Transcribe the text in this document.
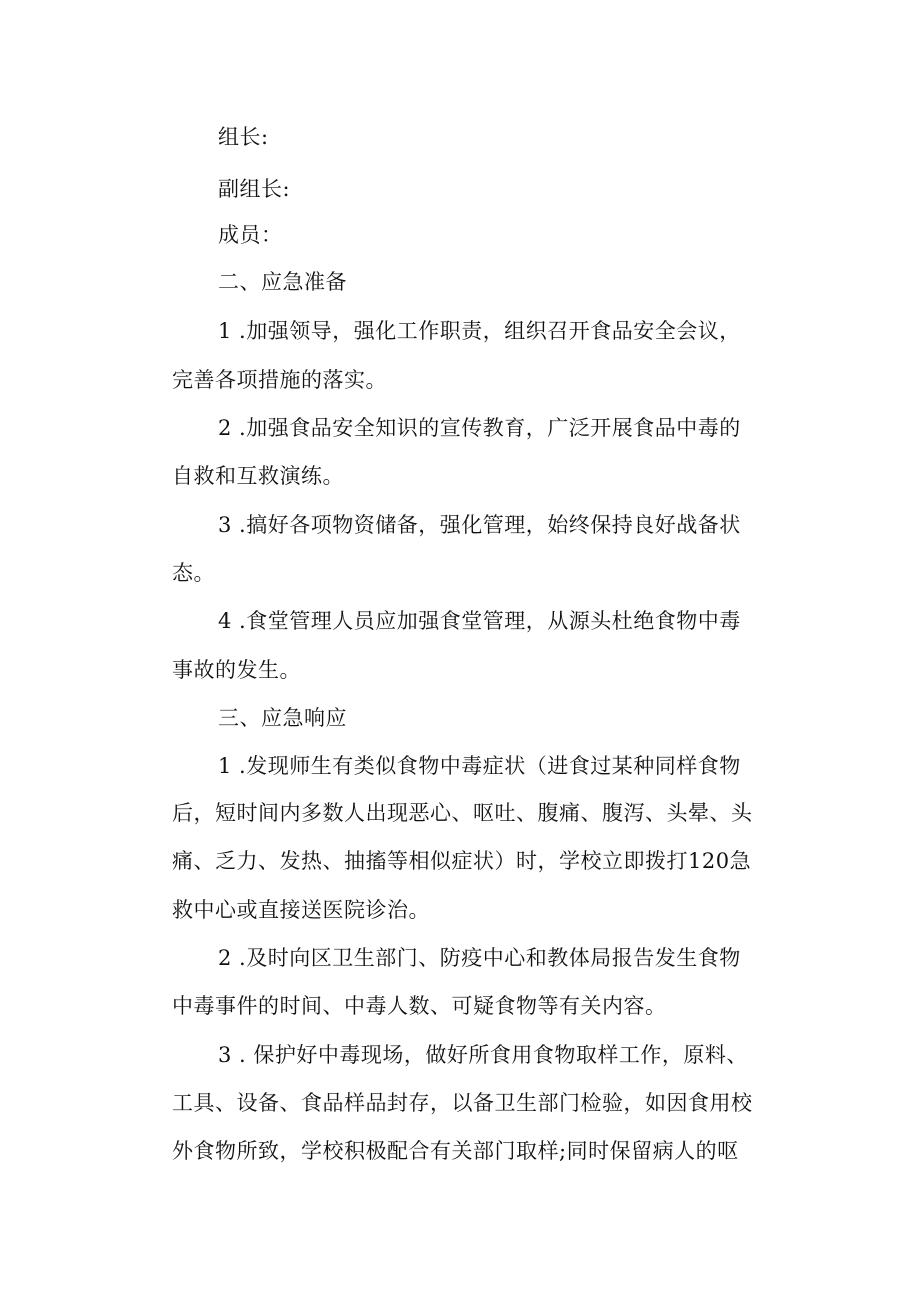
组长:
副组长:
成员：
二、应急准备
1 .加强领导，强化工作职责，组织召开食品安全会议，
完善各项措施的落实。
2 .加强食品安全知识的宣传教育，广泛开展食品中毒的
自救和互救演练。
3 .搞好各项物资储备，强化管理，始终保持良好战备状
态。
4 .食堂管理人员应加强食堂管理，从源头杜绝食物中毒
事故的发生。
三、应急响应
1 .发现师生有类似食物中毒症状（进食过某种同样食物
后，短时间内多数人出现恶心、呕吐、腹痛、腹泻、头晕、头
痛、乏力、发热、抽搐等相似症状）时，学校立即拨打120急
救中心或直接送医院诊治。
2 .及时向区卫生部门、防疫中心和教体局报告发生食物
中毒事件的时间、中毒人数、可疑食物等有关内容。
3 . 保护好中毒现场，做好所食用食物取样工作，原料、
工具、设备、食品样品封存，以备卫生部门检验，如因食用校
外食物所致，学校积极配合有关部门取样;同时保留病人的呕
